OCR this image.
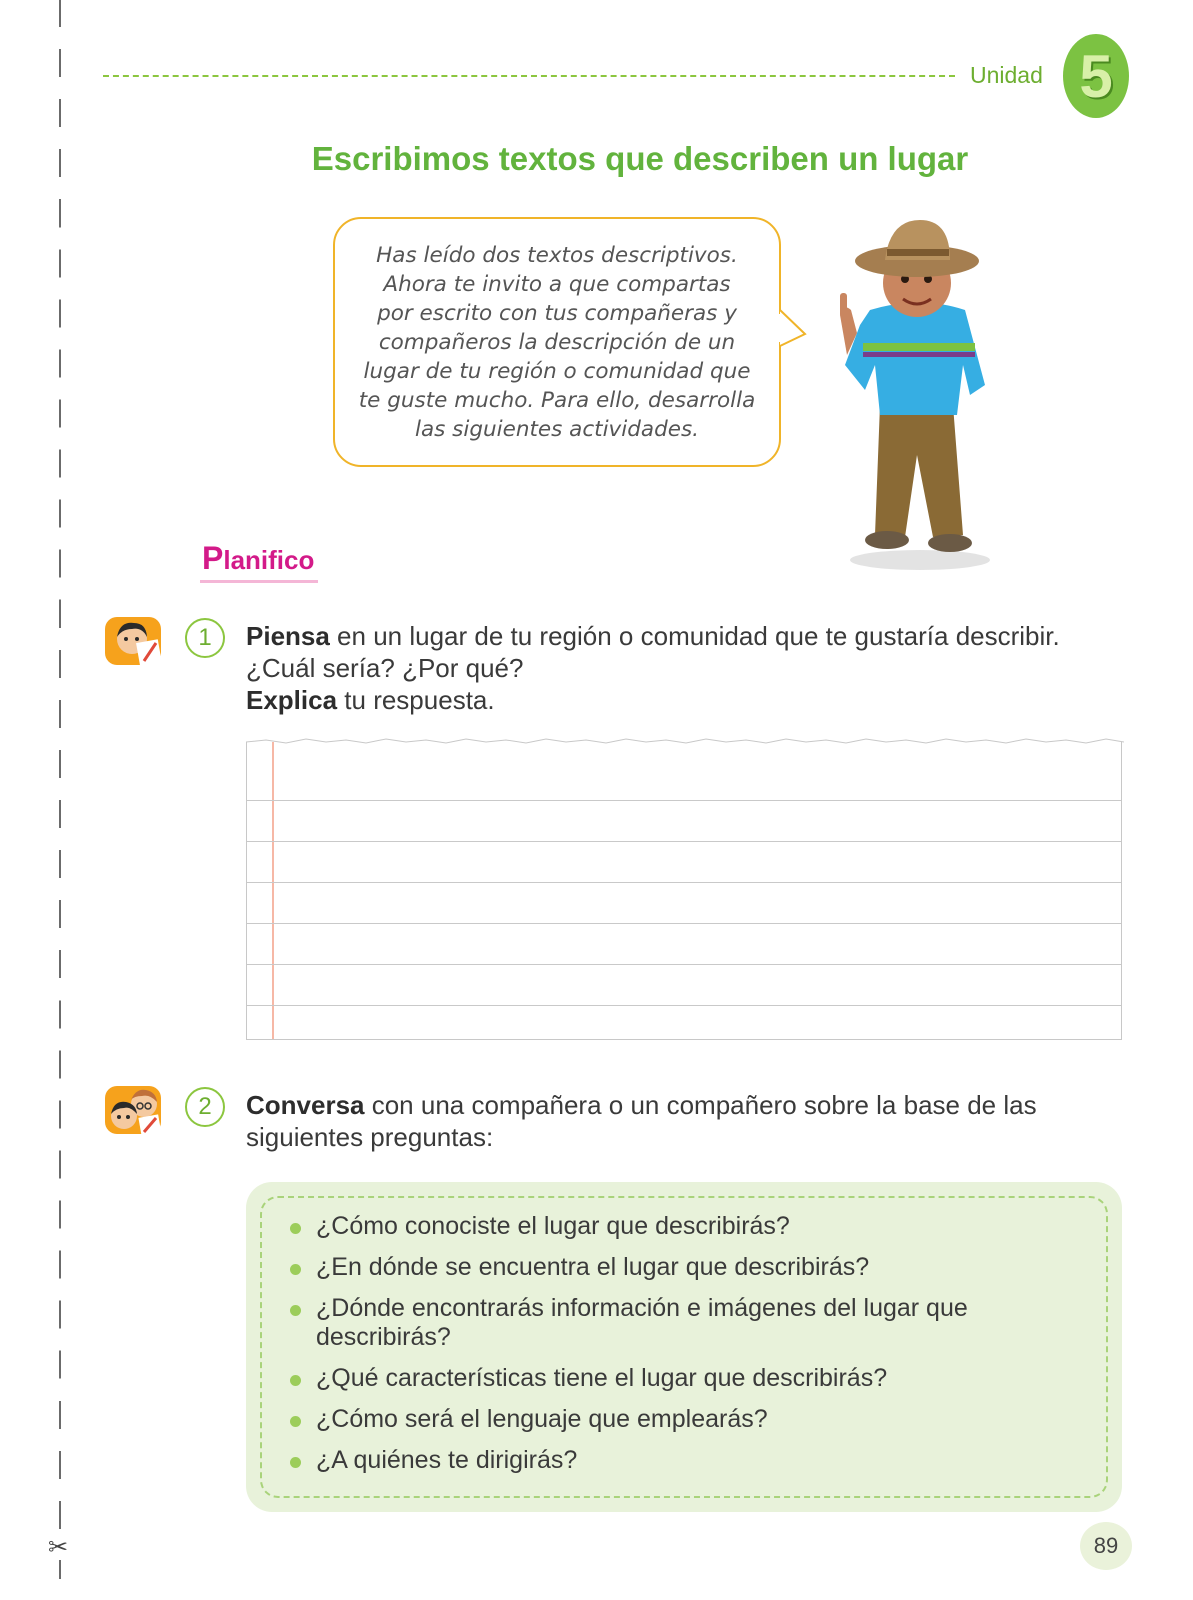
✂
Unidad 5
Escribimos textos que describen un lugar

Has leído dos textos descriptivos.
Ahora te invito a que compartas
por escrito con tus compañeras y
compañeros la descripción de un
lugar de tu región o comunidad que
te guste mucho. Para ello, desarrolla
las siguientes actividades.

Planifico
1	Piensa en un lugar de tu región o comunidad que te gustaría describir. ¿Cuál sería? ¿Por qué?
Explica tu respuesta.
2	Conversa con una compañera o un compañero sobre la base de las siguientes preguntas:
¿Cómo conociste el lugar que describirás?
¿En dónde se encuentra el lugar que describirás?
¿Dónde encontrarás información e imágenes del lugar que describirás?
¿Qué características tiene el lugar que describirás?
¿Cómo será el lenguaje que emplearás?
¿A quiénes te dirigirás?
89
